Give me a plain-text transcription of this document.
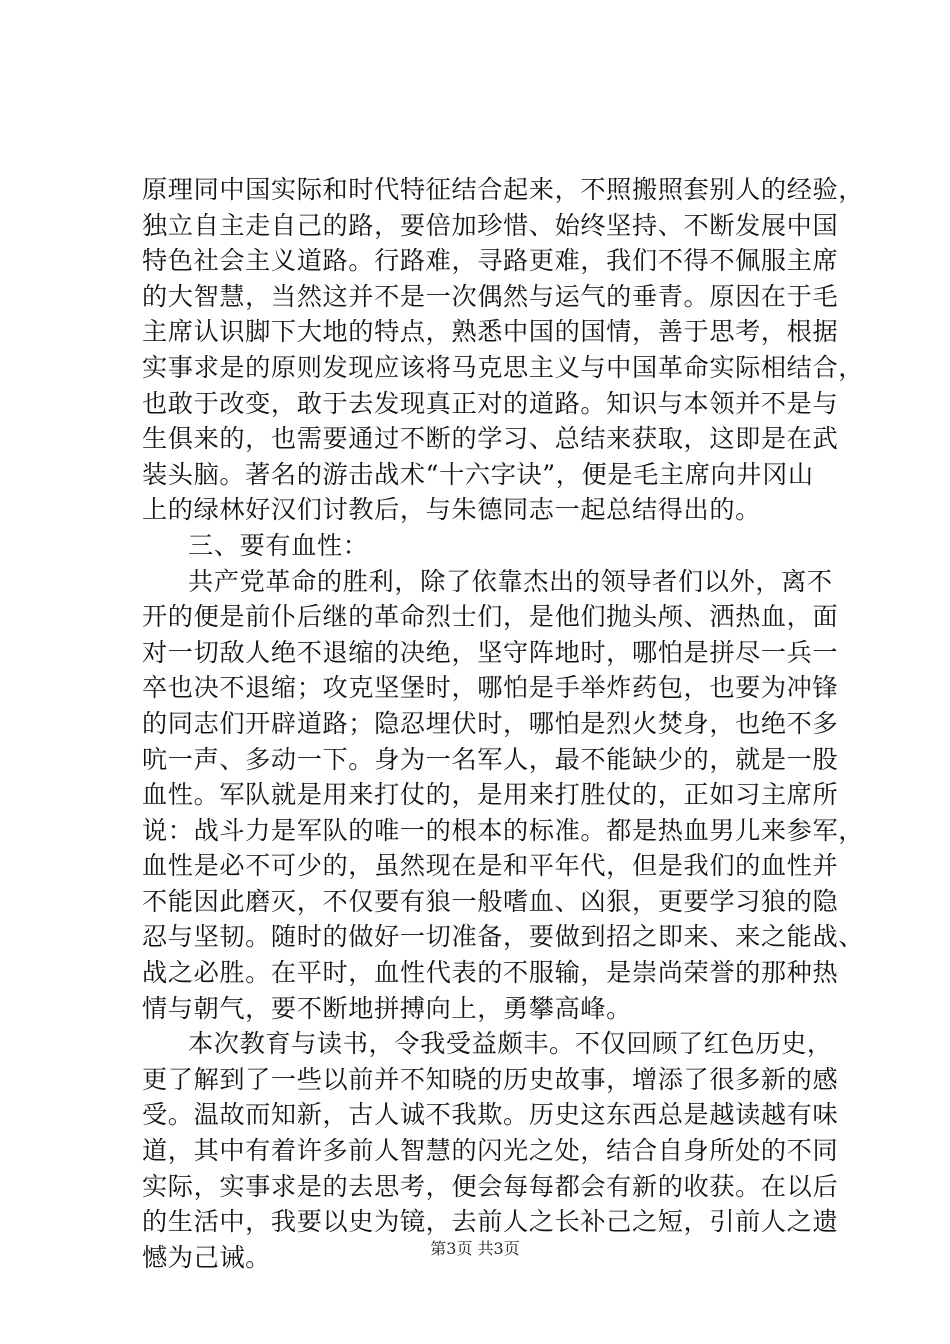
原理同中国实际和时代特征结合起来，不照搬照套别人的经验，
独立自主走自己的路，要倍加珍惜、始终坚持、不断发展中国
特色社会主义道路。行路难，寻路更难，我们不得不佩服主席
的大智慧，当然这并不是一次偶然与运气的垂青。原因在于毛
主席认识脚下大地的特点，熟悉中国的国情，善于思考，根据
实事求是的原则发现应该将马克思主义与中国革命实际相结合，
也敢于改变，敢于去发现真正对的道路。知识与本领并不是与
生俱来的，也需要通过不断的学习、总结来获取，这即是在武
装头脑。著名的游击战术“十六字诀”，便是毛主席向井冈山
上的绿林好汉们讨教后，与朱德同志一起总结得出的。
三、要有血性：
共产党革命的胜利，除了依靠杰出的领导者们以外，离不
开的便是前仆后继的革命烈士们，是他们抛头颅、洒热血，面
对一切敌人绝不退缩的决绝，坚守阵地时，哪怕是拼尽一兵一
卒也决不退缩；攻克坚堡时，哪怕是手举炸药包，也要为冲锋
的同志们开辟道路；隐忍埋伏时，哪怕是烈火焚身，也绝不多
吭一声、多动一下。身为一名军人，最不能缺少的，就是一股
血性。军队就是用来打仗的，是用来打胜仗的，正如习主席所
说：战斗力是军队的唯一的根本的标准。都是热血男儿来参军，
血性是必不可少的，虽然现在是和平年代，但是我们的血性并
不能因此磨灭，不仅要有狼一般嗜血、凶狠，更要学习狼的隐
忍与坚韧。随时的做好一切准备，要做到招之即来、来之能战、
战之必胜。在平时，血性代表的不服输，是崇尚荣誉的那种热
情与朝气，要不断地拼搏向上，勇攀高峰。
本次教育与读书，令我受益颇丰。不仅回顾了红色历史，
更了解到了一些以前并不知晓的历史故事，增添了很多新的感
受。温故而知新，古人诚不我欺。历史这东西总是越读越有味
道，其中有着许多前人智慧的闪光之处，结合自身所处的不同
实际，实事求是的去思考，便会每每都会有新的收获。在以后
的生活中，我要以史为镜，去前人之长补己之短，引前人之遗
憾为己诫。	第3页 共3页
